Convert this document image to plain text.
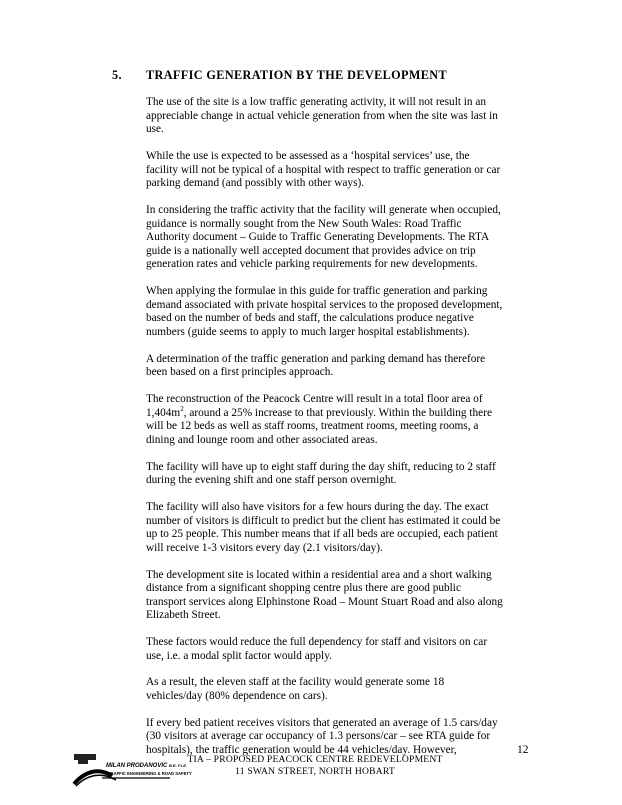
5. TRAFFIC GENERATION BY THE DEVELOPMENT

The use of the site is a low traffic generating activity, it will not result in an
appreciable change in actual vehicle generation from when the site was last in
use.

While the use is expected to be assessed as a ‘hospital services’ use, the
facility will not be typical of a hospital with respect to traffic generation or car
parking demand (and possibly with other ways).

In considering the traffic activity that the facility will generate when occupied,
guidance is normally sought from the New South Wales: Road Traffic
Authority document – Guide to Traffic Generating Developments. The RTA
guide is a nationally well accepted document that provides advice on trip
generation rates and vehicle parking requirements for new developments.

When applying the formulae in this guide for traffic generation and parking
demand associated with private hospital services to the proposed development,
based on the number of beds and staff, the calculations produce negative
numbers (guide seems to apply to much larger hospital establishments).

A determination of the traffic generation and parking demand has therefore
been based on a first principles approach.

The reconstruction of the Peacock Centre will result in a total floor area of
$1,404m^2$, around a 25% increase to that previously. Within the building there
will be 12 beds as well as staff rooms, treatment rooms, meeting rooms, a
dining and lounge room and other associated areas.

The facility will have up to eight staff during the day shift, reducing to 2 staff
during the evening shift and one staff person overnight.

The facility will also have visitors for a few hours during the day. The exact
number of visitors is difficult to predict but the client has estimated it could be
up to 25 people. This number means that if all beds are occupied, each patient
will receive 1-3 visitors every day (2.1 visitors/day).

The development site is located within a residential area and a short walking
distance from a significant shopping centre plus there are good public
transport services along Elphinstone Road – Mount Stuart Road and also along
Elizabeth Street.

These factors would reduce the full dependency for staff and visitors on car
use, i.e. a modal split factor would apply.

As a result, the eleven staff at the facility would generate some 18
vehicles/day (80% dependence on cars).

If every bed patient receives visitors that generated an average of 1.5 cars/day
(30 visitors at average car occupancy of 1.3 persons/car – see RTA guide for
hospitals), the traffic generation would be 44 vehicles/day. However,	12
MILAN PRODANOVIC B.E. F.I.E.
TRAFFIC ENGINEERING & ROAD SAFETY
TIA – PROPOSED PEACOCK CENTRE REDEVELOPMENT
11 SWAN STREET, NORTH HOBART
